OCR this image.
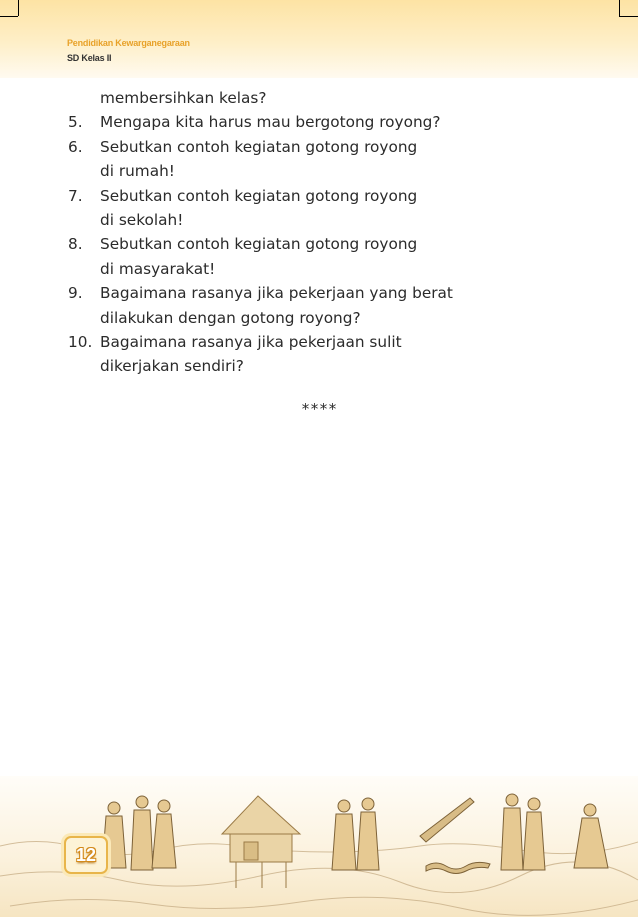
Pendidikan Kewarganegaraan
SD Kelas II
membersihkan kelas?
5. Mengapa kita harus mau bergotong royong?
6. Sebutkan contoh kegiatan gotong royong
di rumah!
7. Sebutkan contoh kegiatan gotong royong
di sekolah!
8. Sebutkan contoh kegiatan gotong royong
di masyarakat!
9. Bagaimana rasanya jika pekerjaan yang berat
dilakukan dengan gotong royong?
10. Bagaimana rasanya jika pekerjaan sulit
dikerjakan sendiri?
****
12
